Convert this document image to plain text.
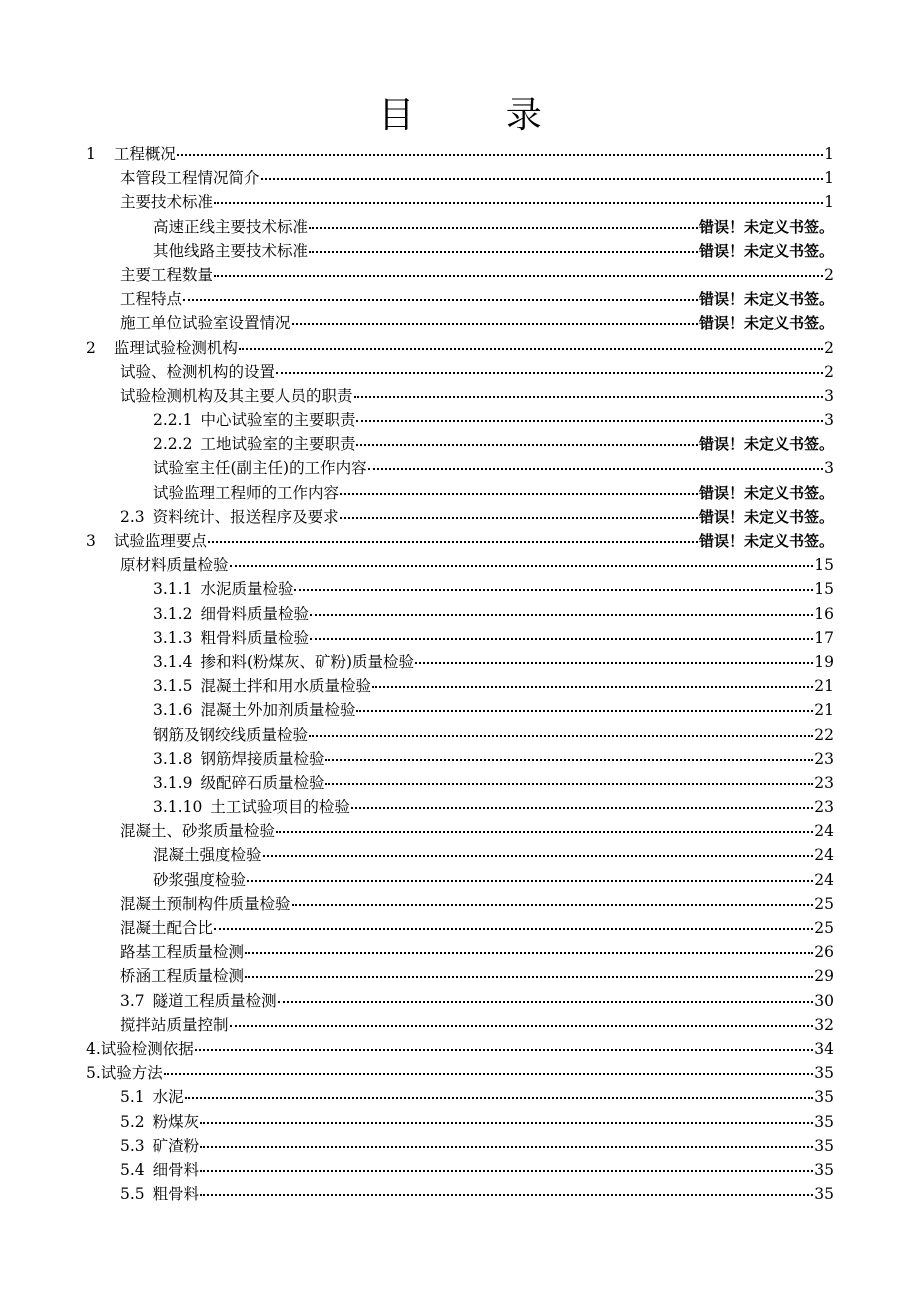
目 录
1 工程概况	1
本管段工程情况简介	1
主要技术标准	1
高速正线主要技术标准	错误！未定义书签。
其他线路主要技术标准	错误！未定义书签。
主要工程数量	2
工程特点	错误！未定义书签。
施工单位试验室设置情况	错误！未定义书签。
2 监理试验检测机构	2
试验、检测机构的设置	2
试验检测机构及其主要人员的职责	3
2.2.1 中心试验室的主要职责	3
2.2.2 工地试验室的主要职责	错误！未定义书签。
试验室主任(副主任)的工作内容	3
试验监理工程师的工作内容	错误！未定义书签。
2.3 资料统计、报送程序及要求	错误！未定义书签。
3 试验监理要点	错误！未定义书签。
原材料质量检验	15
3.1.1 水泥质量检验	15
3.1.2 细骨料质量检验	16
3.1.3 粗骨料质量检验	17
3.1.4 掺和料(粉煤灰、矿粉)质量检验	19
3.1.5 混凝土拌和用水质量检验	21
3.1.6 混凝土外加剂质量检验	21
钢筋及钢绞线质量检验	22
3.1.8 钢筋焊接质量检验	23
3.1.9 级配碎石质量检验	23
3.1.10 土工试验项目的检验	23
混凝土、砂浆质量检验	24
混凝土强度检验	24
砂浆强度检验	24
混凝土预制构件质量检验	25
混凝土配合比	25
路基工程质量检测	26
桥涵工程质量检测	29
3.7 隧道工程质量检测	30
搅拌站质量控制	32
4.试验检测依据	34
5.试验方法	35
5.1 水泥	35
5.2 粉煤灰	35
5.3 矿渣粉	35
5.4 细骨料	35
5.5 粗骨料	35
